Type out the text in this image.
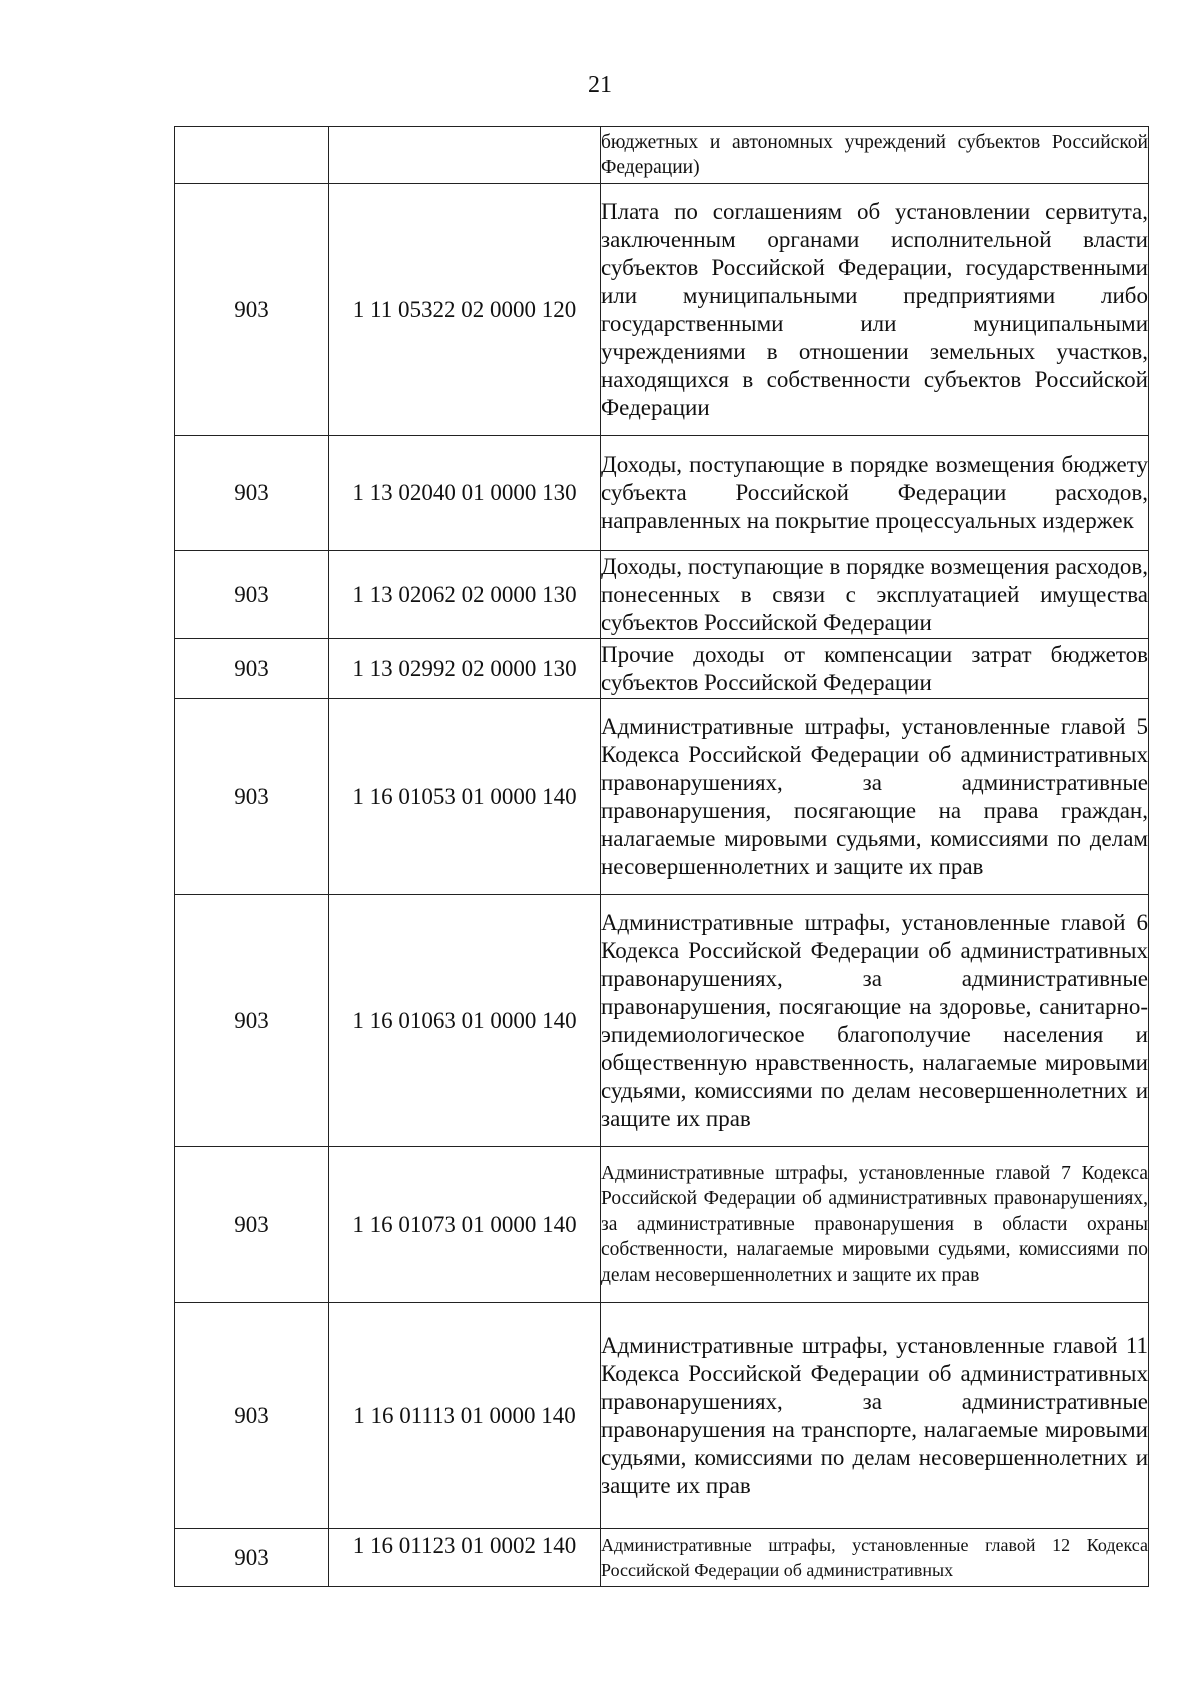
21
		бюджетных и автономных учреждений субъектов Российской Федерации)
903	1 11 05322 02 0000 120	Плата по соглашениям об установлении сервитута, заключенным органами исполнительной власти субъектов Российской Федерации, государственными или муниципальными предприятиями либо государственными или муниципальными учреждениями в отношении земельных участков, находящихся в собственности субъектов Российской Федерации
903	1 13 02040 01 0000 130	Доходы, поступающие в порядке возмещения бюджету субъекта Российской Федерации расходов, направленных на покрытие процессуальных издержек
903	1 13 02062 02 0000 130	Доходы, поступающие в порядке возмещения расходов, понесенных в связи с эксплуатацией имущества субъектов Российской Федерации
903	1 13 02992 02 0000 130	Прочие доходы от компенсации затрат бюджетов субъектов Российской Федерации
903	1 16 01053 01 0000 140	Административные штрафы, установленные главой 5 Кодекса Российской Федерации об административных правонарушениях, за административные правонарушения, посягающие на права граждан, налагаемые мировыми судьями, комиссиями по делам несовершеннолетних и защите их прав
903	1 16 01063 01 0000 140	Административные штрафы, установленные главой 6 Кодекса Российской Федерации об административных правонарушениях, за административные правонарушения, посягающие на здоровье, санитарно-эпидемиологическое благополучие населения и общественную нравственность, налагаемые мировыми судьями, комиссиями по делам несовершеннолетних и защите их прав
903	1 16 01073 01 0000 140	Административные штрафы, установленные главой 7 Кодекса Российской Федерации об административных правонарушениях, за административные правонарушения в области охраны собственности, налагаемые мировыми судьями, комиссиями по делам несовершеннолетних и защите их прав
903	1 16 01113 01 0000 140	Административные штрафы, установленные главой 11 Кодекса Российской Федерации об административных правонарушениях, за административные правонарушения на транспорте, налагаемые мировыми судьями, комиссиями по делам несовершеннолетних и защите их прав
903	1 16 01123 01 0002 140	Административные штрафы, установленные главой 12 Кодекса Российской Федерации об административных
